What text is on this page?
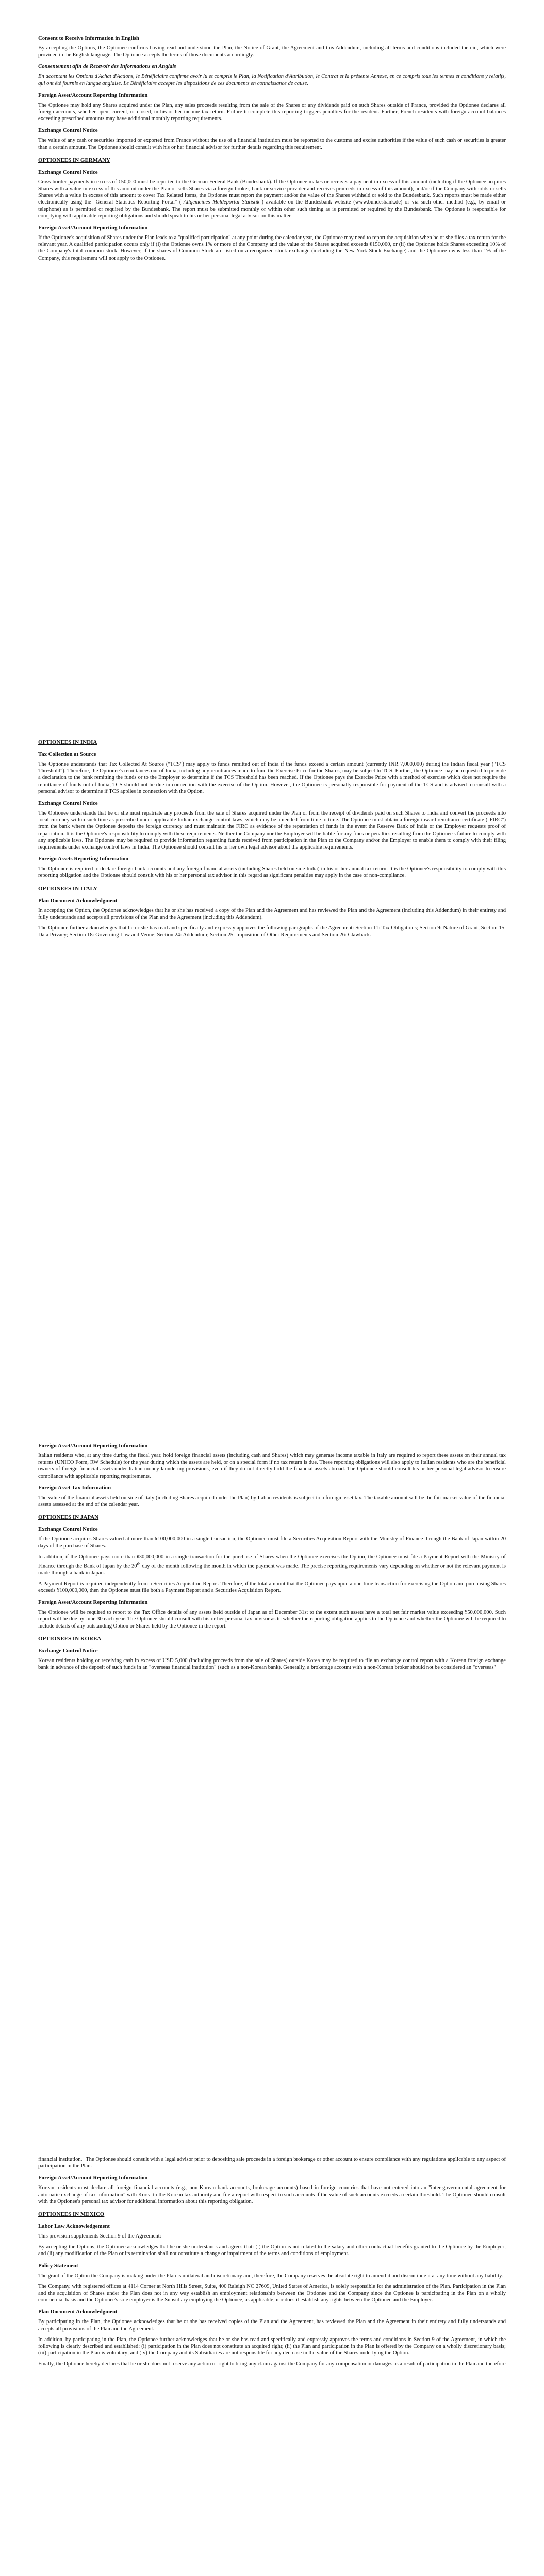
Consent to Receive Information in English

By accepting the Options, the Optionee confirms having read and understood the Plan, the Notice of Grant, the Agreement and this Addendum, including all terms and conditions included therein, which were provided in the English language. The Optionee accepts the terms of those documents accordingly.

Consentement afin de Recevoir des Informations en Anglais

En acceptant les Options d'Achat d'Actions, le Bénéficiaire confirme avoir lu et compris le Plan, la Notification d'Attribution, le Contrat et la présente Annexe, en ce compris tous les termes et conditions y relatifs, qui ont été fournis en langue anglaise. Le Bénéficiaire accepte les dispositions de ces documents en connaissance de cause.

Foreign Asset/Account Reporting Information

The Optionee may hold any Shares acquired under the Plan, any sales proceeds resulting from the sale of the Shares or any dividends paid on such Shares outside of France, provided the Optionee declares all foreign accounts, whether open, current, or closed, in his or her income tax return. Failure to complete this reporting triggers penalties for the resident. Further, French residents with foreign account balances exceeding prescribed amounts may have additional monthly reporting requirements.

Exchange Control Notice

The value of any cash or securities imported or exported from France without the use of a financial institution must be reported to the customs and excise authorities if the value of such cash or securities is greater than a certain amount. The Optionee should consult with his or her financial advisor for further details regarding this requirement.

OPTIONEES IN GERMANY
Exchange Control Notice

Cross-border payments in excess of €50,000 must be reported to the German Federal Bank (Bundesbank). If the Optionee makes or receives a payment in excess of this amount (including if the Optionee acquires Shares with a value in excess of this amount under the Plan or sells Shares via a foreign broker, bank or service provider and receives proceeds in excess of this amount), and/or if the Company withholds or sells Shares with a value in excess of this amount to cover Tax Related Items, the Optionee must report the payment and/or the value of the Shares withheld or sold to the Bundesbank. Such reports must be made either electronically using the "General Statistics Reporting Portal" ("Allgemeines Meldeportal Statistik") available on the Bundesbank website (www.bundesbank.de) or via such other method (e.g., by email or telephone) as is permitted or required by the Bundesbank. The report must be submitted monthly or within other such timing as is permitted or required by the Bundesbank. The Optionee is responsible for complying with applicable reporting obligations and should speak to his or her personal legal advisor on this matter.

Foreign Asset/Account Reporting Information

If the Optionee's acquisition of Shares under the Plan leads to a "qualified participation" at any point during the calendar year, the Optionee may need to report the acquisition when he or she files a tax return for the relevant year. A qualified participation occurs only if (i) the Optionee owns 1% or more of the Company and the value of the Shares acquired exceeds €150,000, or (ii) the Optionee holds Shares exceeding 10% of the Company's total common stock. However, if the shares of Common Stock are listed on a recognized stock exchange (including the New York Stock Exchange) and the Optionee owns less than 1% of the Company, this requirement will not apply to the Optionee.

OPTIONEES IN INDIA
Tax Collection at Source

The Optionee understands that Tax Collected At Source ("TCS") may apply to funds remitted out of India if the funds exceed a certain amount (currently INR 7,000,000) during the Indian fiscal year ("TCS Threshold"). Therefore, the Optionee's remittances out of India, including any remittances made to fund the Exercise Price for the Shares, may be subject to TCS. Further, the Optionee may be requested to provide a declaration to the bank remitting the funds or to the Employer to determine if the TCS Threshold has been reached. If the Optionee pays the Exercise Price with a method of exercise which does not require the remittance of funds out of India, TCS should not be due in connection with the exercise of the Option. However, the Optionee is personally responsible for payment of the TCS and is advised to consult with a personal advisor to determine if TCS applies in connection with the Option.

Exchange Control Notice

The Optionee understands that he or she must repatriate any proceeds from the sale of Shares acquired under the Plan or from the receipt of dividends paid on such Shares to India and convert the proceeds into local currency within such time as prescribed under applicable Indian exchange control laws, which may be amended from time to time. The Optionee must obtain a foreign inward remittance certificate ("FIRC") from the bank where the Optionee deposits the foreign currency and must maintain the FIRC as evidence of the repatriation of funds in the event the Reserve Bank of India or the Employer requests proof of repatriation. It is the Optionee's responsibility to comply with these requirements. Neither the Company nor the Employer will be liable for any fines or penalties resulting from the Optionee's failure to comply with any applicable laws. The Optionee may be required to provide information regarding funds received from participation in the Plan to the Company and/or the Employer to enable them to comply with their filing requirements under exchange control laws in India. The Optionee should consult his or her own legal advisor about the applicable requirements.

Foreign Assets Reporting Information

The Optionee is required to declare foreign bank accounts and any foreign financial assets (including Shares held outside India) in his or her annual tax return. It is the Optionee's responsibility to comply with this reporting obligation and the Optionee should consult with his or her personal tax advisor in this regard as significant penalties may apply in the case of non-compliance.

OPTIONEES IN ITALY
Plan Document Acknowledgment

In accepting the Option, the Optionee acknowledges that he or she has received a copy of the Plan and the Agreement and has reviewed the Plan and the Agreement (including this Addendum) in their entirety and fully understands and accepts all provisions of the Plan and the Agreement (including this Addendum).

The Optionee further acknowledges that he or she has read and specifically and expressly approves the following paragraphs of the Agreement: Section 11: Tax Obligations; Section 9: Nature of Grant; Section 15: Data Privacy; Section 18: Governing Law and Venue; Section 24: Addendum; Section 25: Imposition of Other Requirements and Section 26: Clawback.

Foreign Asset/Account Reporting Information

Italian residents who, at any time during the fiscal year, hold foreign financial assets (including cash and Shares) which may generate income taxable in Italy are required to report these assets on their annual tax returns (UNICO Form, RW Schedule) for the year during which the assets are held, or on a special form if no tax return is due. These reporting obligations will also apply to Italian residents who are the beneficial owners of foreign financial assets under Italian money laundering provisions, even if they do not directly hold the financial assets abroad. The Optionee should consult his or her personal legal advisor to ensure compliance with applicable reporting requirements.

Foreign Asset Tax Information

The value of the financial assets held outside of Italy (including Shares acquired under the Plan) by Italian residents is subject to a foreign asset tax. The taxable amount will be the fair market value of the financial assets assessed at the end of the calendar year.

OPTIONEES IN JAPAN
Exchange Control Notice

If the Optionee acquires Shares valued at more than ¥100,000,000 in a single transaction, the Optionee must file a Securities Acquisition Report with the Ministry of Finance through the Bank of Japan within 20 days of the purchase of Shares.

In addition, if the Optionee pays more than ¥30,000,000 in a single transaction for the purchase of Shares when the Optionee exercises the Option, the Optionee must file a Payment Report with the Ministry of Finance through the Bank of Japan by the 20th day of the month following the month in which the payment was made. The precise reporting requirements vary depending on whether or not the relevant payment is made through a bank in Japan.

A Payment Report is required independently from a Securities Acquisition Report. Therefore, if the total amount that the Optionee pays upon a one-time transaction for exercising the Option and purchasing Shares exceeds ¥100,000,000, then the Optionee must file both a Payment Report and a Securities Acquisition Report.

Foreign Asset/Account Reporting Information

The Optionee will be required to report to the Tax Office details of any assets held outside of Japan as of December 31st to the extent such assets have a total net fair market value exceeding ¥50,000,000. Such report will be due by June 30 each year. The Optionee should consult with his or her personal tax advisor as to whether the reporting obligation applies to the Optionee and whether the Optionee will be required to include details of any outstanding Option or Shares held by the Optionee in the report.

OPTIONEES IN KOREA
Exchange Control Notice

Korean residents holding or receiving cash in excess of USD 5,000 (including proceeds from the sale of Shares) outside Korea may be required to file an exchange control report with a Korean foreign exchange bank in advance of the deposit of such funds in an "overseas financial institution" (such as a non-Korean bank). Generally, a brokerage account with a non-Korean broker should not be considered an "overseas"

financial institution." The Optionee should consult with a legal advisor prior to depositing sale proceeds in a foreign brokerage or other account to ensure compliance with any regulations applicable to any aspect of participation in the Plan.

Foreign Asset/Account Reporting Information

Korean residents must declare all foreign financial accounts (e.g., non-Korean bank accounts, brokerage accounts) based in foreign countries that have not entered into an "inter-governmental agreement for automatic exchange of tax information" with Korea to the Korean tax authority and file a report with respect to such accounts if the value of such accounts exceeds a certain threshold. The Optionee should consult with the Optionee's personal tax advisor for additional information about this reporting obligation.

OPTIONEES IN MEXICO
Labor Law Acknowledgement

This provision supplements Section 9 of the Agreement:

By accepting the Options, the Optionee acknowledges that he or she understands and agrees that: (i) the Option is not related to the salary and other contractual benefits granted to the Optionee by the Employer; and (ii) any modification of the Plan or its termination shall not constitute a change or impairment of the terms and conditions of employment.

Policy Statement

The grant of the Option the Company is making under the Plan is unilateral and discretionary and, therefore, the Company reserves the absolute right to amend it and discontinue it at any time without any liability.

The Company, with registered offices at 4114 Corner at North Hills Street, Suite, 400 Raleigh NC 27609, United States of America, is solely responsible for the administration of the Plan. Participation in the Plan and the acquisition of Shares under the Plan does not in any way establish an employment relationship between the Optionee and the Company since the Optionee is participating in the Plan on a wholly commercial basis and the Optionee's sole employer is the Subsidiary employing the Optionee, as applicable, nor does it establish any rights between the Optionee and the Employer.

Plan Document Acknowledgment

By participating in the Plan, the Optionee acknowledges that he or she has received copies of the Plan and the Agreement, has reviewed the Plan and the Agreement in their entirety and fully understands and accepts all provisions of the Plan and the Agreement.

In addition, by participating in the Plan, the Optionee further acknowledges that he or she has read and specifically and expressly approves the terms and conditions in Section 9 of the Agreement, in which the following is clearly described and established: (i) participation in the Plan does not constitute an acquired right; (ii) the Plan and participation in the Plan is offered by the Company on a wholly discretionary basis; (iii) participation in the Plan is voluntary; and (iv) the Company and its Subsidiaries are not responsible for any decrease in the value of the Shares underlying the Option.

Finally, the Optionee hereby declares that he or she does not reserve any action or right to bring any claim against the Company for any compensation or damages as a result of participation in the Plan and therefore
